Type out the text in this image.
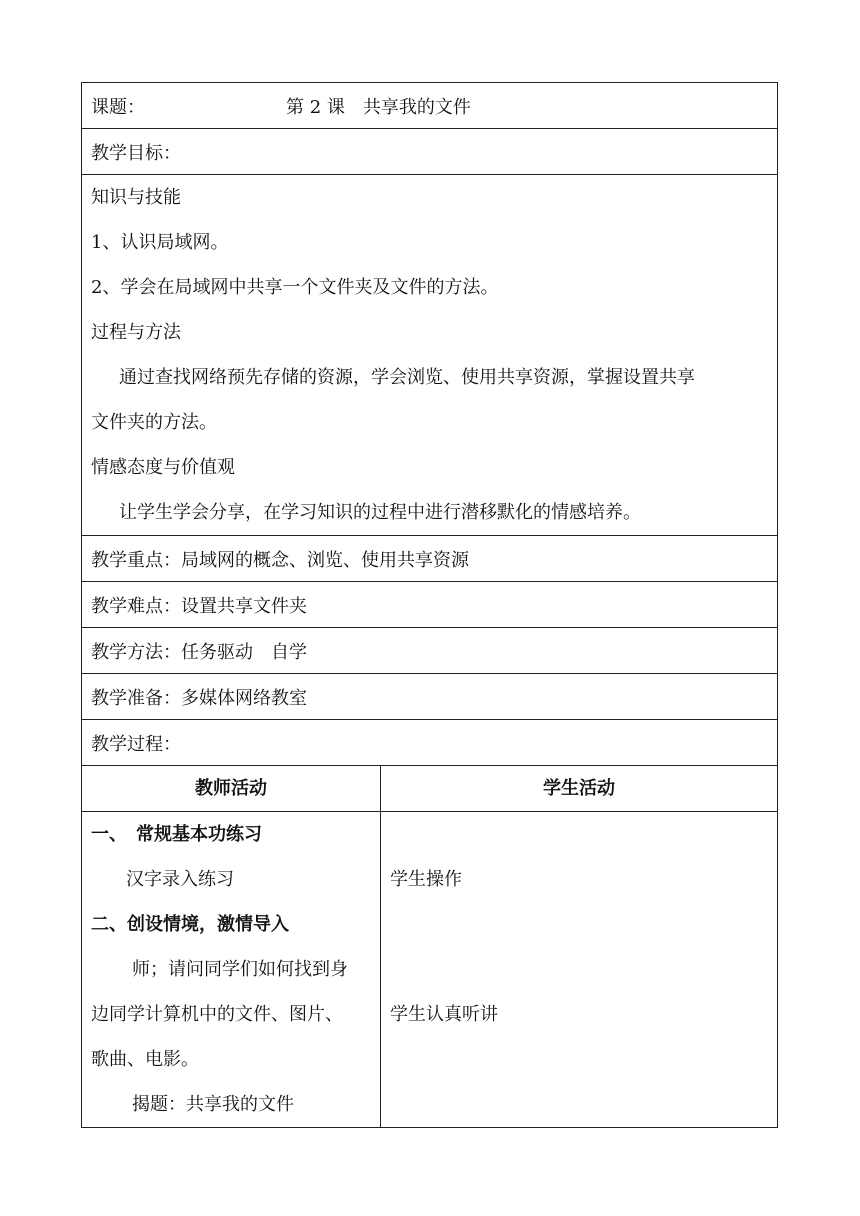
课题：	第 2 课　共享我的文件
教学目标：
知识与技能
1、认识局域网。
2、学会在局域网中共享一个文件夹及文件的方法。
过程与方法
通过查找网络预先存储的资源，学会浏览、使用共享资源，掌握设置共享
文件夹的方法。
情感态度与价值观
让学生学会分享，在学习知识的过程中进行潜移默化的情感培养。
教学重点：局域网的概念、浏览、使用共享资源
教学难点：设置共享文件夹
教学方法：任务驱动　自学
教学准备：多媒体网络教室
教学过程：
教师活动	学生活动
一、　常规基本功练习
汉字录入练习
二、创设情境，激情导入
师；请问同学们如何找到身
边同学计算机中的文件、图片、
歌曲、电影。
揭题：共享我的文件
学生操作
学生认真听讲
